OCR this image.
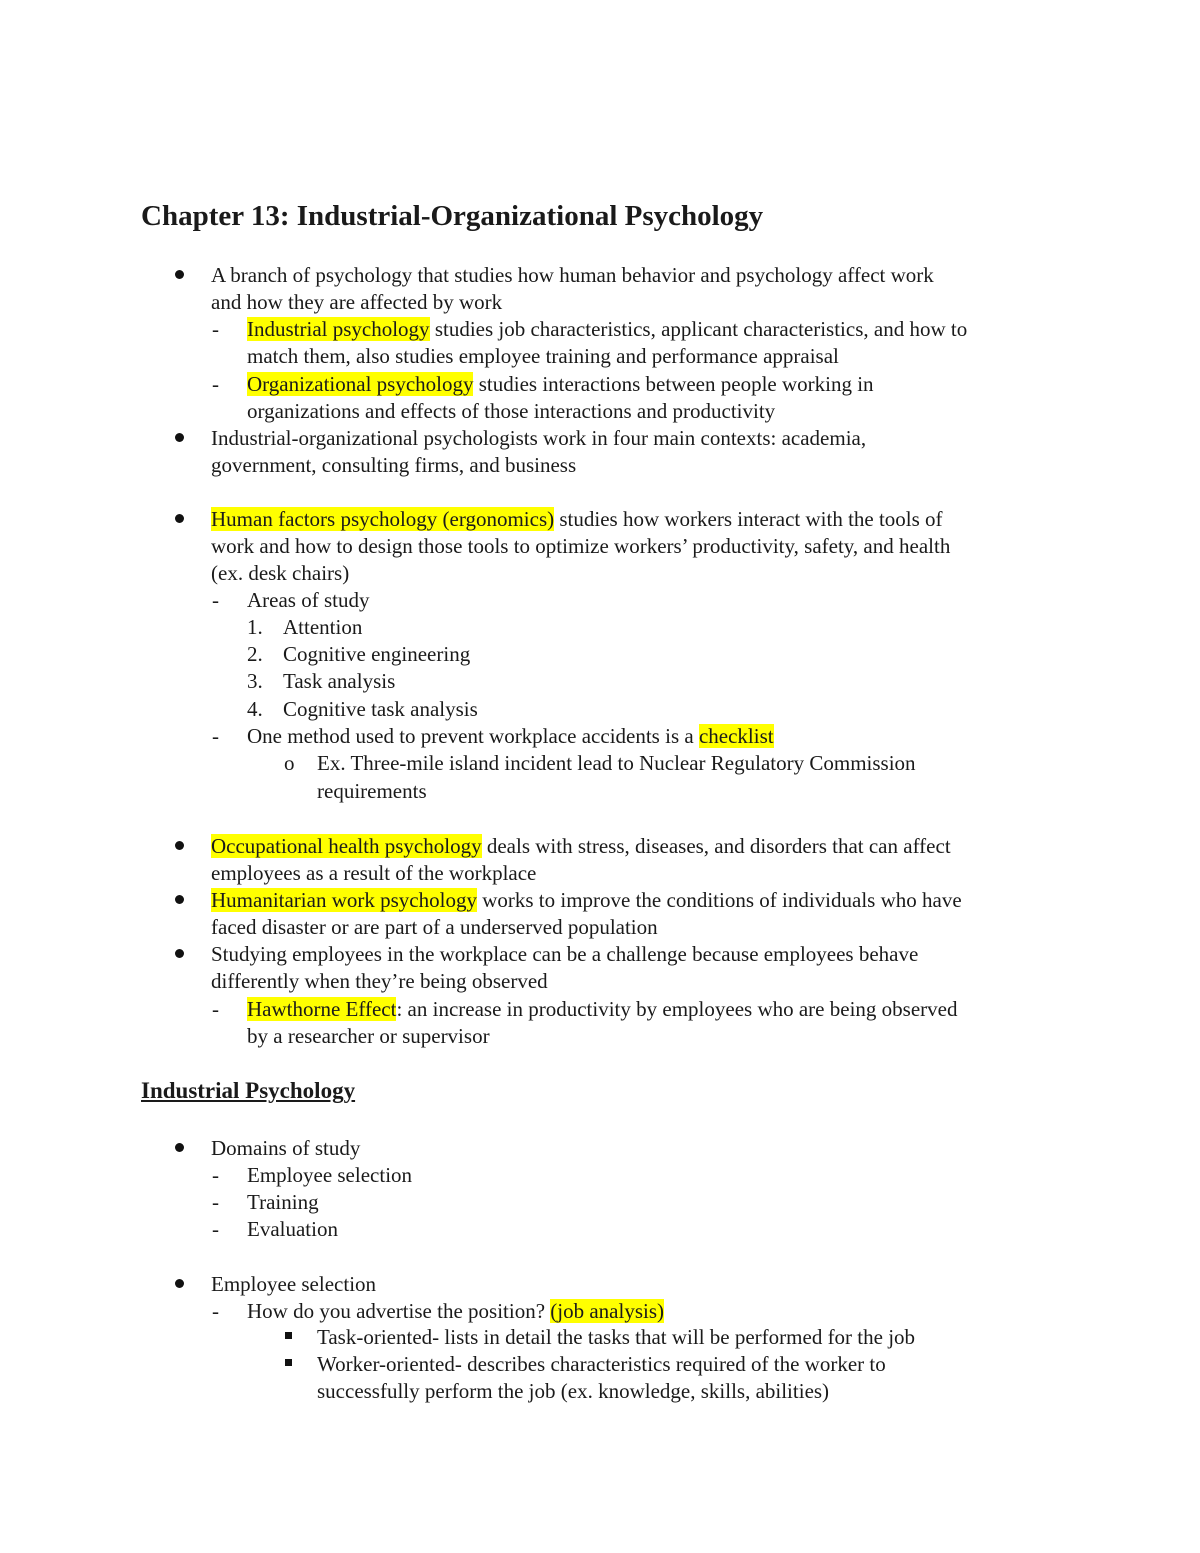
Chapter 13: Industrial-Organizational Psychology

A branch of psychology that studies how human behavior and psychology affect work

and how they are affected by work

- Industrial psychology studies job characteristics, applicant characteristics, and how to

match them, also studies employee training and performance appraisal

- Organizational psychology studies interactions between people working in

organizations and effects of those interactions and productivity

Industrial-organizational psychologists work in four main contexts: academia,

government, consulting firms, and business

Human factors psychology (ergonomics) studies how workers interact with the tools of

work and how to design those tools to optimize workers’ productivity, safety, and health

(ex. desk chairs)

- Areas of study

1. Attention

2. Cognitive engineering

3. Task analysis

4. Cognitive task analysis

- One method used to prevent workplace accidents is a checklist

o Ex. Three-mile island incident lead to Nuclear Regulatory Commission

requirements

Occupational health psychology deals with stress, diseases, and disorders that can affect

employees as a result of the workplace

Humanitarian work psychology works to improve the conditions of individuals who have

faced disaster or are part of a underserved population

Studying employees in the workplace can be a challenge because employees behave

differently when they’re being observed

- Hawthorne Effect: an increase in productivity by employees who are being observed

by a researcher or supervisor

Industrial Psychology

Domains of study

- Employee selection

- Training

- Evaluation

Employee selection

- How do you advertise the position? (job analysis)

Task-oriented- lists in detail the tasks that will be performed for the job

Worker-oriented- describes characteristics required of the worker to

successfully perform the job (ex. knowledge, skills, abilities)
